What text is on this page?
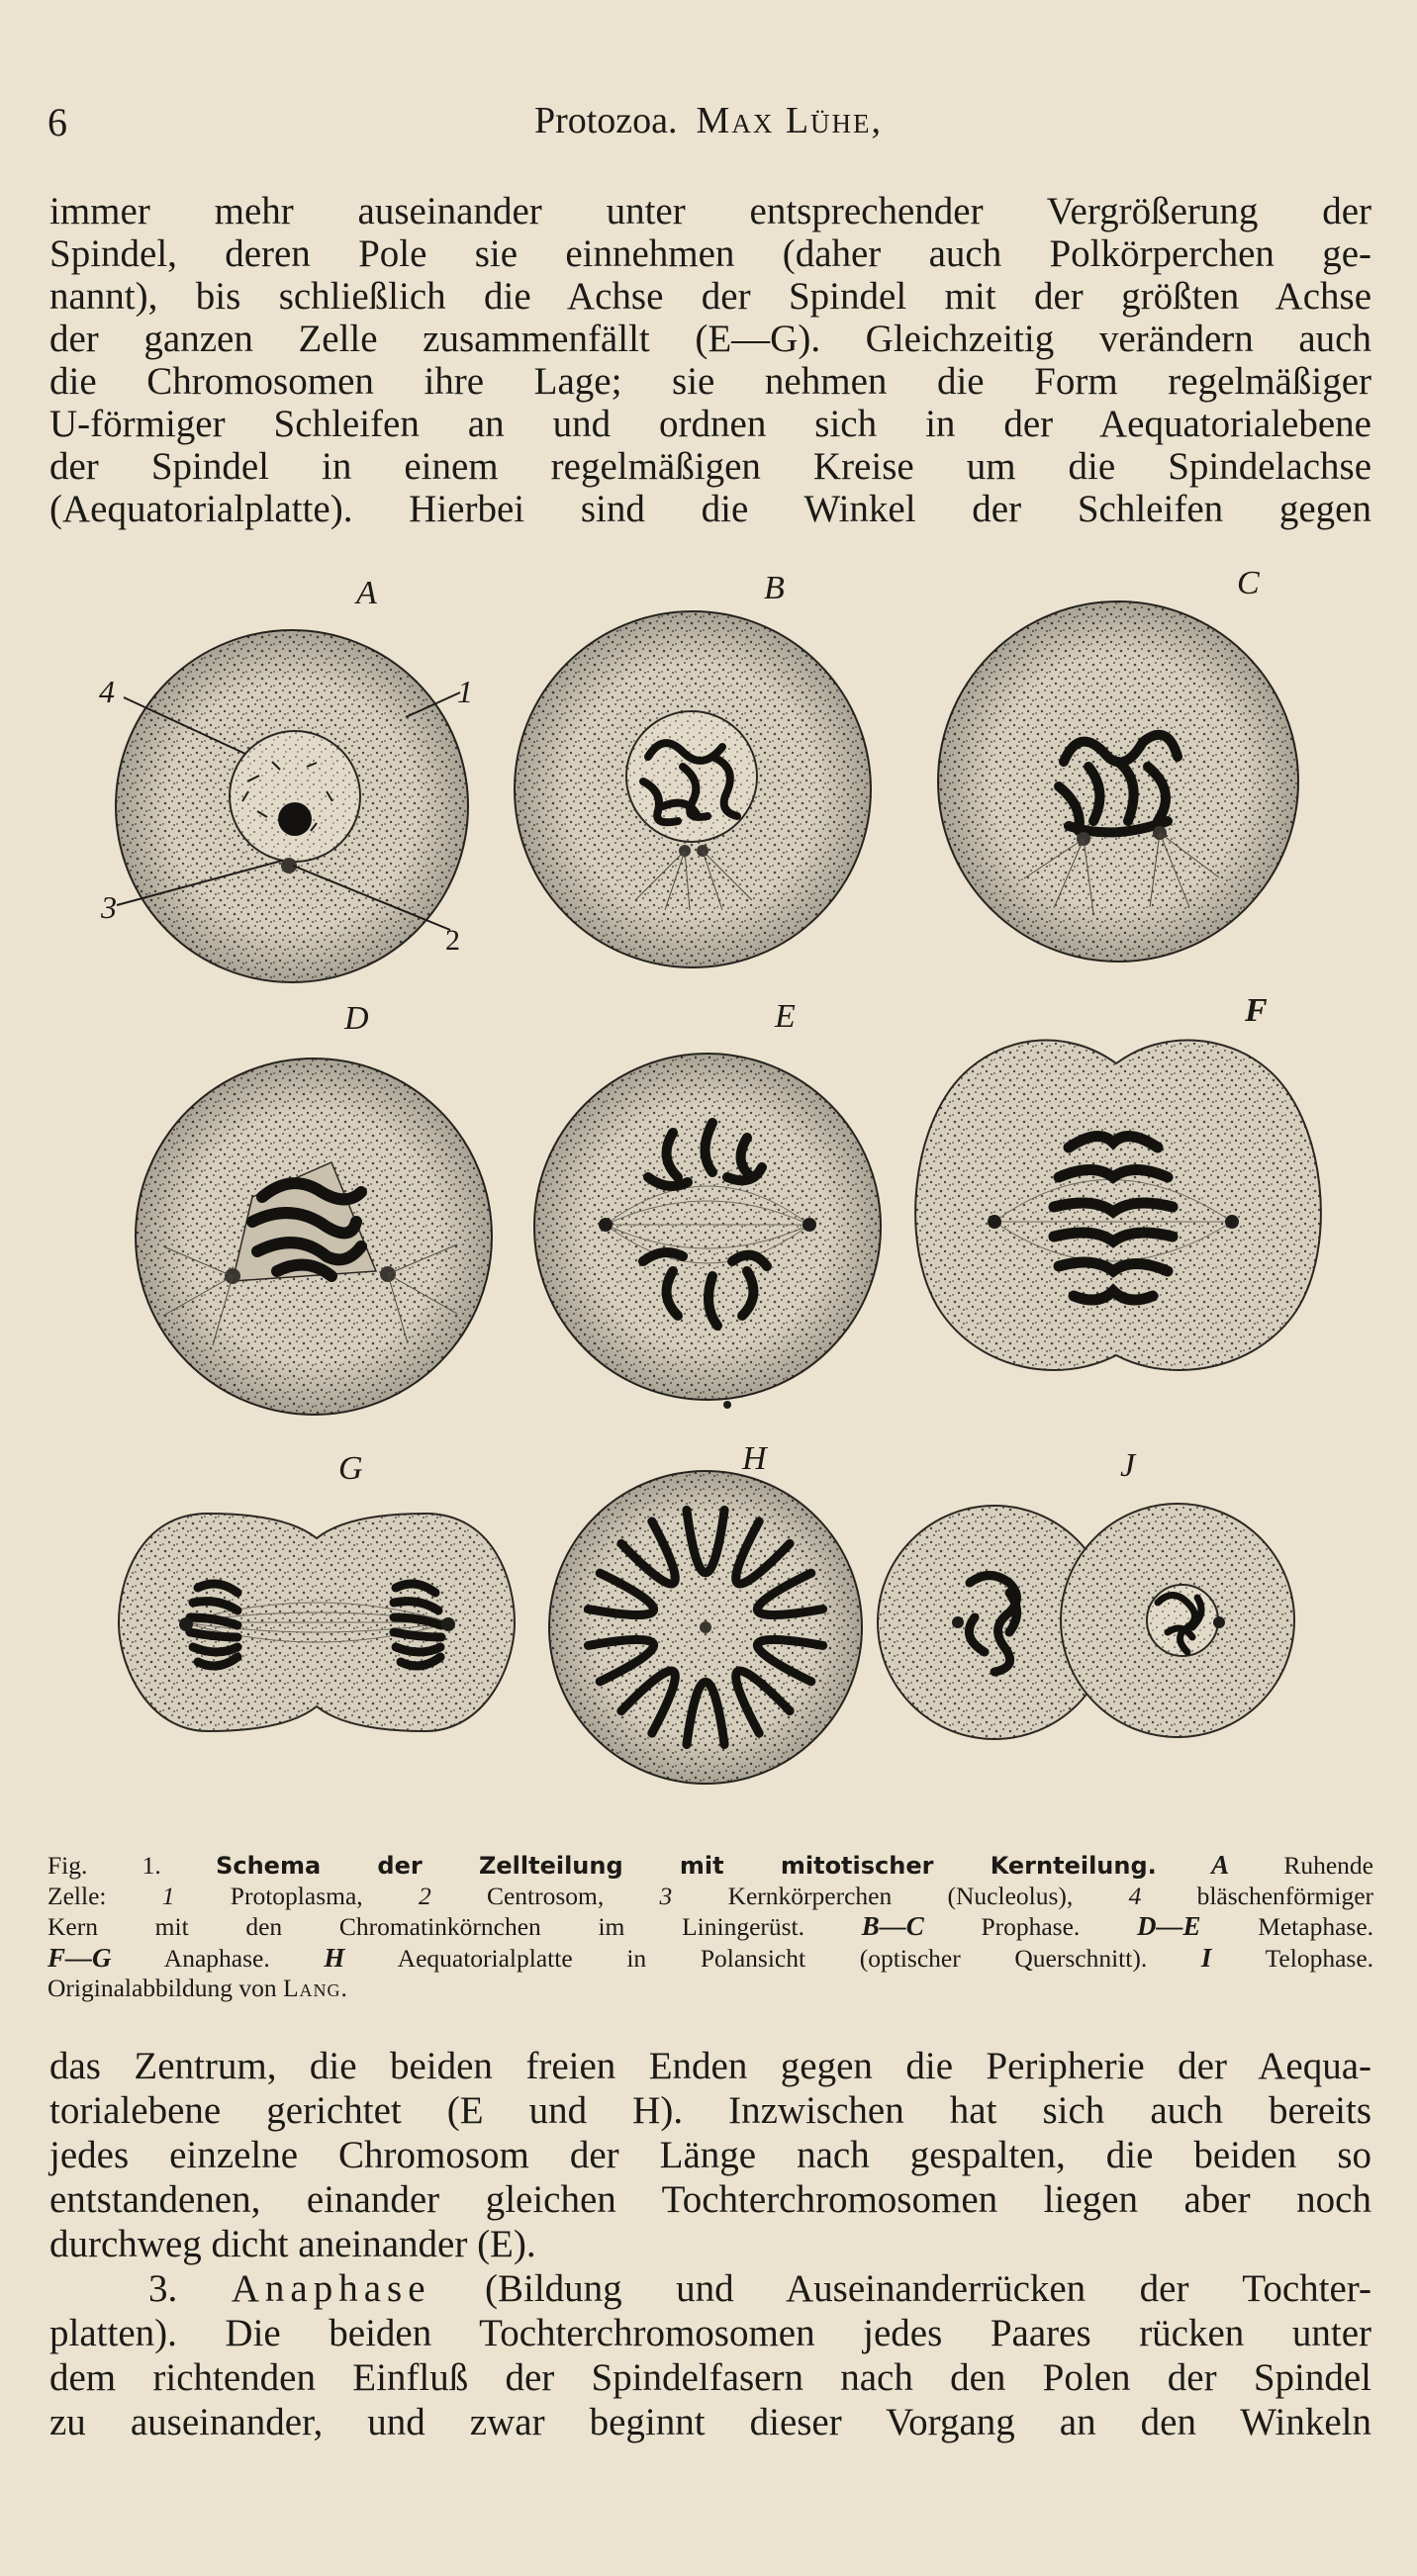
6	Protozoa. Max Lühe,
immer mehr auseinander unter entsprechender Vergrößerung der
Spindel, deren Pole sie einnehmen (daher auch Polkörperchen ge-
nannt), bis schließlich die Achse der Spindel mit der größten Achse
der ganzen Zelle zusammenfällt (E—G). Gleichzeitig verändern auch
die Chromosomen ihre Lage; sie nehmen die Form regelmäßiger
U-förmiger Schleifen an und ordnen sich in der Aequatorialebene
der Spindel in einem regelmäßigen Kreise um die Spindelachse
(Aequatorialplatte). Hierbei sind die Winkel der Schleifen gegen
A	B	C
D	E	F
G	H	J
4	1
3
2
Fig. 1. Schema der Zellteilung mit mitotischer Kernteilung. A Ruhende
Zelle: 1 Protoplasma, 2 Centrosom, 3 Kernkörperchen (Nucleolus), 4 bläschenförmiger
Kern mit den Chromatinkörnchen im Liningerüst. B—C Prophase. D—E Metaphase.
F—G Anaphase. H Aequatorialplatte in Polansicht (optischer Querschnitt). I Telophase.
Originalabbildung von Lang.
das Zentrum, die beiden freien Enden gegen die Peripherie der Aequa-
torialebene gerichtet (E und H). Inzwischen hat sich auch bereits
jedes einzelne Chromosom der Länge nach gespalten, die beiden so
entstandenen, einander gleichen Tochterchromosomen liegen aber noch
durchweg dicht aneinander (E).
3. Anaphase (Bildung und Auseinanderrücken der Tochter-
platten). Die beiden Tochterchromosomen jedes Paares rücken unter
dem richtenden Einfluß der Spindelfasern nach den Polen der Spindel
zu auseinander, und zwar beginnt dieser Vorgang an den Winkeln
